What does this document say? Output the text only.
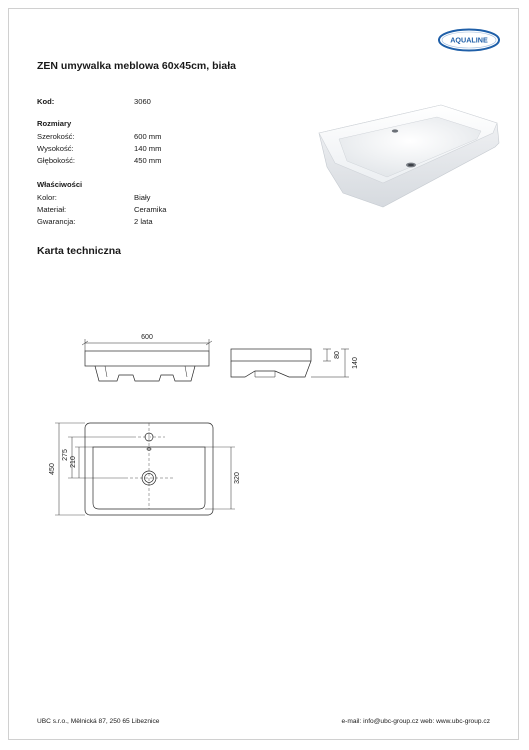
AQUALINE
ZEN umywalka meblowa 60x45cm, biała
Kod:	3060
Rozmiary
Szerokość:	600 mm
Wysokość:	140 mm
Głębokość:	450 mm
Właściwości
Kolor:	Biały
Materiał:	Ceramika
Gwarancja:	2 lata
Karta techniczna
600
80
140
450
275
210
320
UBC s.r.o., Mělnická 87, 250 65 Libeznice	e-mail: info@ubc-group.cz web: www.ubc-group.cz
